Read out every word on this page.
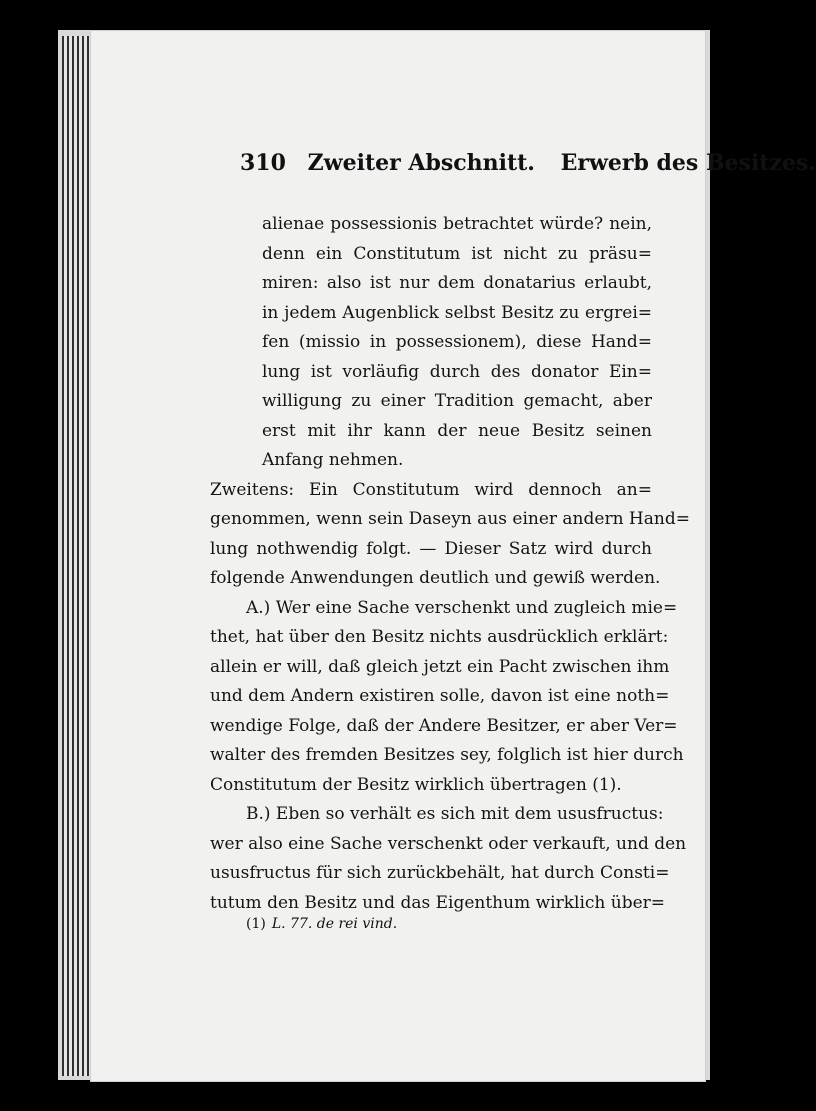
310 Zweiter Abschnitt. Erwerb des Besitzes.
alienae possessionis betrachtet würde? nein,
denn ein Constitutum ist nicht zu präsu=
miren: also ist nur dem donatarius erlaubt,
in jedem Augenblick selbst Besitz zu ergrei=
fen (missio in possessionem), diese Hand=
lung ist vorläufig durch des donator Ein=
willigung zu einer Tradition gemacht, aber
erst mit ihr kann der neue Besitz seinen
Anfang nehmen.
Zweitens: Ein Constitutum wird dennoch an=
genommen, wenn sein Daseyn aus einer andern Hand=
lung nothwendig folgt. — Dieser Satz wird durch
folgende Anwendungen deutlich und gewiß werden.
A.) Wer eine Sache verschenkt und zugleich mie=
thet, hat über den Besitz nichts ausdrücklich erklärt:
allein er will, daß gleich jetzt ein Pacht zwischen ihm
und dem Andern existiren solle, davon ist eine noth=
wendige Folge, daß der Andere Besitzer, er aber Ver=
walter des fremden Besitzes sey, folglich ist hier durch
Constitutum der Besitz wirklich übertragen (1).
B.) Eben so verhält es sich mit dem ususfructus:
wer also eine Sache verschenkt oder verkauft, und den
ususfructus für sich zurückbehält, hat durch Consti=
tutum den Besitz und das Eigenthum wirklich über=
(1) L. 77. de rei vind.
